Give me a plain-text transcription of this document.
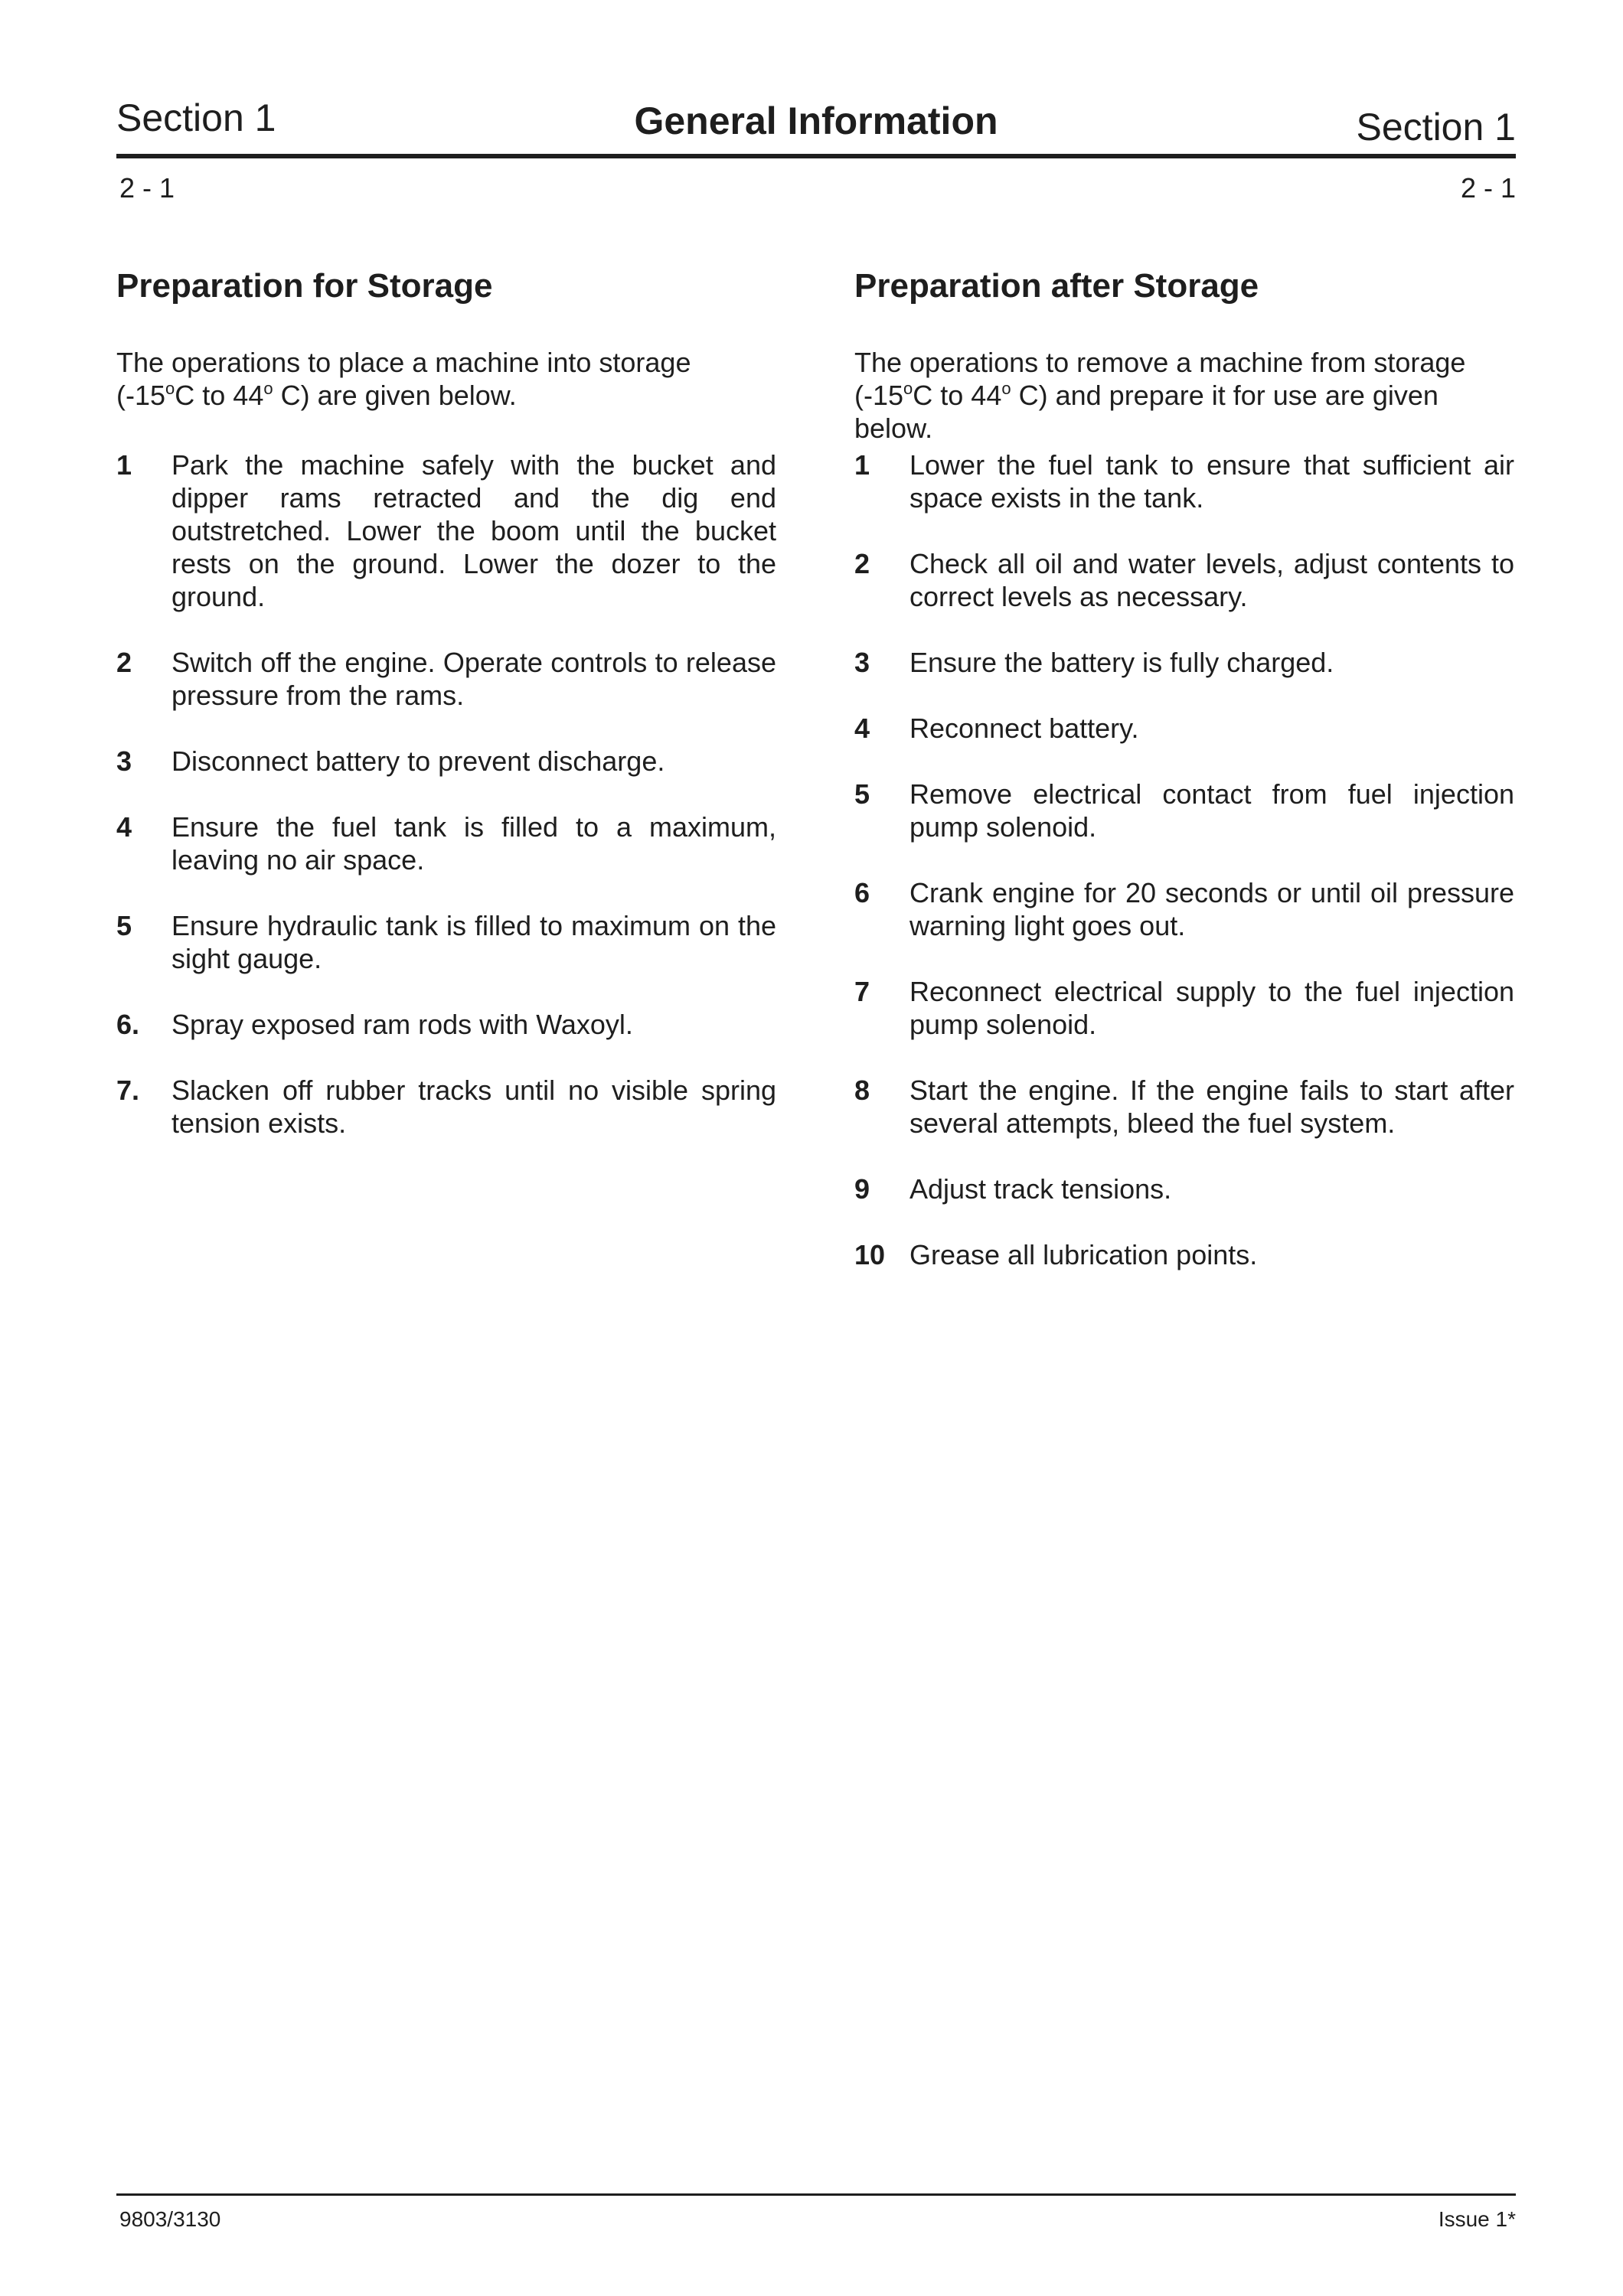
Section 1	General Information	Section 1
2 - 1	2 - 1
Preparation for Storage

The operations to place a machine into storage (-15$^o$C to 44$^o$ C) are given below.

1 Park the machine safely with the bucket and dipper rams retracted and the dig end outstretched. Lower the boom until the bucket rests on the ground. Lower the dozer to the ground.
2 Switch off the engine. Operate controls to release pressure from the rams.
3 Disconnect battery to prevent discharge.
4 Ensure the fuel tank is filled to a maximum, leaving no air space.
5 Ensure hydraulic tank is filled to maximum on the sight gauge.
6. Spray exposed ram rods with Waxoyl.
7. Slacken off rubber tracks until no visible spring tension exists.
Preparation after Storage

The operations to remove a machine from storage (-15$^o$C to 44$^o$ C) and prepare it for use are given below.

1 Lower the fuel tank to ensure that sufficient air space exists in the tank.
2 Check all oil and water levels, adjust contents to correct levels as necessary.
3 Ensure the battery is fully charged.
4 Reconnect battery.
5 Remove electrical contact from fuel injection pump solenoid.
6 Crank engine for 20 seconds or until oil pressure warning light goes out.
7 Reconnect electrical supply to the fuel injection pump solenoid.
8 Start the engine. If the engine fails to start after several attempts, bleed the fuel system.
9 Adjust track tensions.
10 Grease all lubrication points.
9803/3130	Issue 1*
